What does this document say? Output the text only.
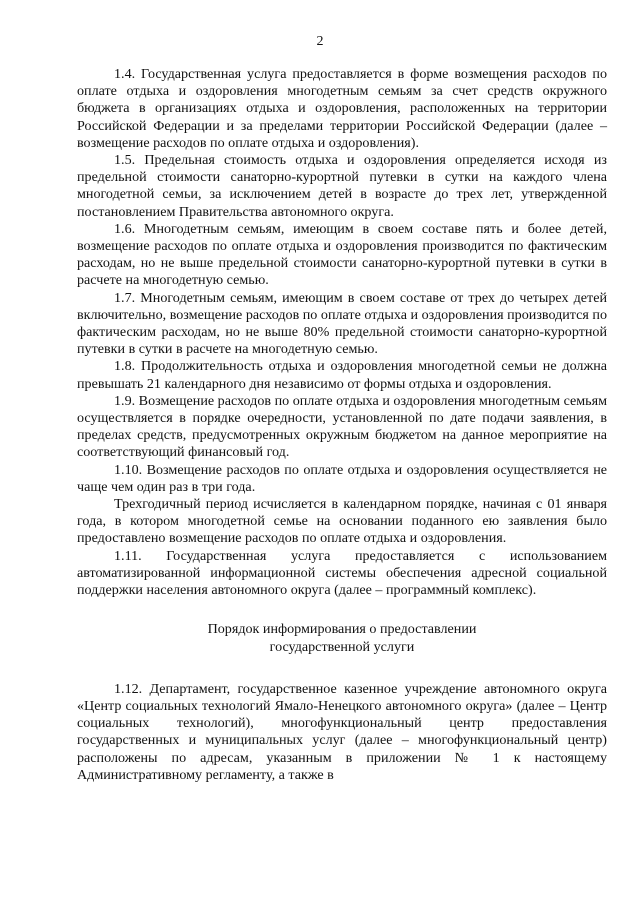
2

1.4. Государственная услуга предоставляется в форме возмещения расходов по оплате отдыха и оздоровления многодетным семьям за счет средств окружного бюджета в организациях отдыха и оздоровления, расположенных на территории Российской Федерации и за пределами территории Российской Федерации (далее – возмещение расходов по оплате отдыха и оздоровления).

1.5. Предельная стоимость отдыха и оздоровления определяется исходя из предельной стоимости санаторно-курортной путевки в сутки на каждого члена многодетной семьи, за исключением детей в возрасте до трех лет, утвержденной постановлением Правительства автономного округа.

1.6. Многодетным семьям, имеющим в своем составе пять и более детей, возмещение расходов по оплате отдыха и оздоровления производится по фактическим расходам, но не выше предельной стоимости санаторно-курортной путевки в сутки в расчете на многодетную семью.

1.7. Многодетным семьям, имеющим в своем составе от трех до четырех детей включительно, возмещение расходов по оплате отдыха и оздоровления производится по фактическим расходам, но не выше 80% предельной стоимости санаторно-курортной путевки в сутки в расчете на многодетную семью.

1.8. Продолжительность отдыха и оздоровления многодетной семьи не должна превышать 21 календарного дня независимо от формы отдыха и оздоровления.

1.9. Возмещение расходов по оплате отдыха и оздоровления многодетным семьям осуществляется в порядке очередности, установленной по дате подачи заявления, в пределах средств, предусмотренных окружным бюджетом на данное мероприятие на соответствующий финансовый год.

1.10. Возмещение расходов по оплате отдыха и оздоровления осуществляется не чаще чем один раз в три года.

Трехгодичный период исчисляется в календарном порядке, начиная с 01 января года, в котором многодетной семье на основании поданного ею заявления было предоставлено возмещение расходов по оплате отдыха и оздоровления.

1.11. Государственная услуга предоставляется с использованием автоматизированной информационной системы обеспечения адресной социальной поддержки населения автономного округа (далее – программный комплекс).

Порядок информирования о предоставлении
государственной услуги

1.12. Департамент, государственное казенное учреждение автономного округа «Центр социальных технологий Ямало-Ненецкого автономного округа» (далее – Центр социальных технологий), многофункциональный центр предоставления государственных и муниципальных услуг (далее – многофункциональный центр) расположены по адресам, указанным в приложении № 1 к настоящему Административному регламенту, а также в
